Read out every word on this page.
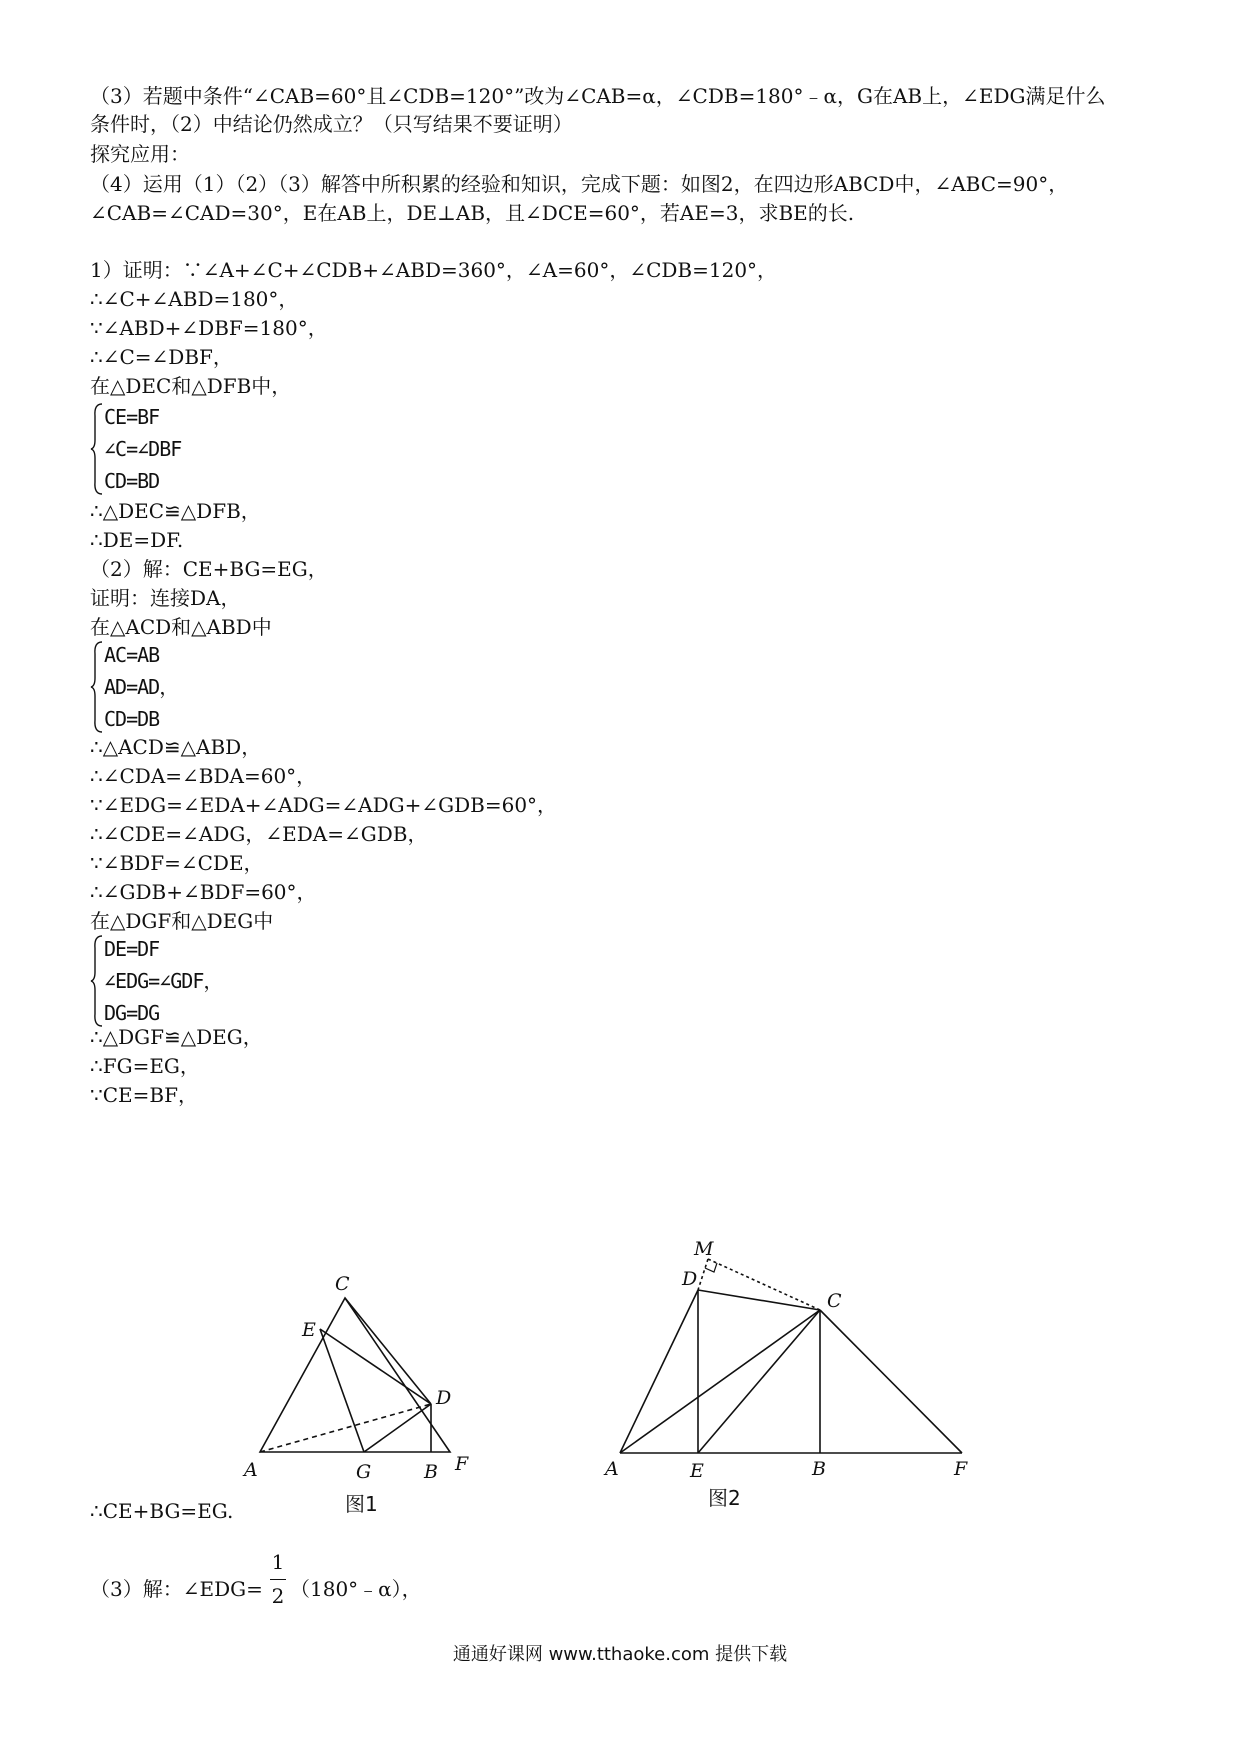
（3）若题中条件“∠CAB=60°且∠CDB=120°”改为∠CAB=α，∠CDB=180°﹣α，G在AB上，∠EDG满足什么
条件时，（2）中结论仍然成立？（只写结果不要证明）
探究应用：
（4）运用（1）（2）（3）解答中所积累的经验和知识，完成下题：如图2，在四边形ABCD中，∠ABC=90°，
∠CAB=∠CAD=30°，E在AB上，DE⊥AB，且∠DCE=60°，若AE=3，求BE的长.
1）证明：∵∠A+∠C+∠CDB+∠ABD=360°，∠A=60°，∠CDB=120°，
∴∠C+∠ABD=180°，
∵∠ABD+∠DBF=180°，
∴∠C=∠DBF，
在△DEC和△DFB中，
CE=BF
∠C=∠DBF
CD=BD
∴△DEC≌△DFB，
∴DE=DF.
（2）解：CE+BG=EG，
证明：连接DA，
在△ACD和△ABD中
AC=AB
AD=AD，
CD=DB
∴△ACD≌△ABD，
∴∠CDA=∠BDA=60°，
∵∠EDG=∠EDA+∠ADG=∠ADG+∠GDB=60°，
∴∠CDE=∠ADG，∠EDA=∠GDB，
∵∠BDF=∠CDE，
∴∠GDB+∠BDF=60°，
在△DGF和△DEG中
DE=DF
∠EDG=∠GDF，
DG=DG
∴△DGF≌△DEG，
∴FG=EG，
∵CE=BF，
C
E
D
A	G	B F
图1
M
D
C
A	E	B	F
图2
∴CE+BG=EG.
（3）解：∠EDG=
1
2 （180°﹣α），
通通好课网 www.tthaoke.com 提供下载
